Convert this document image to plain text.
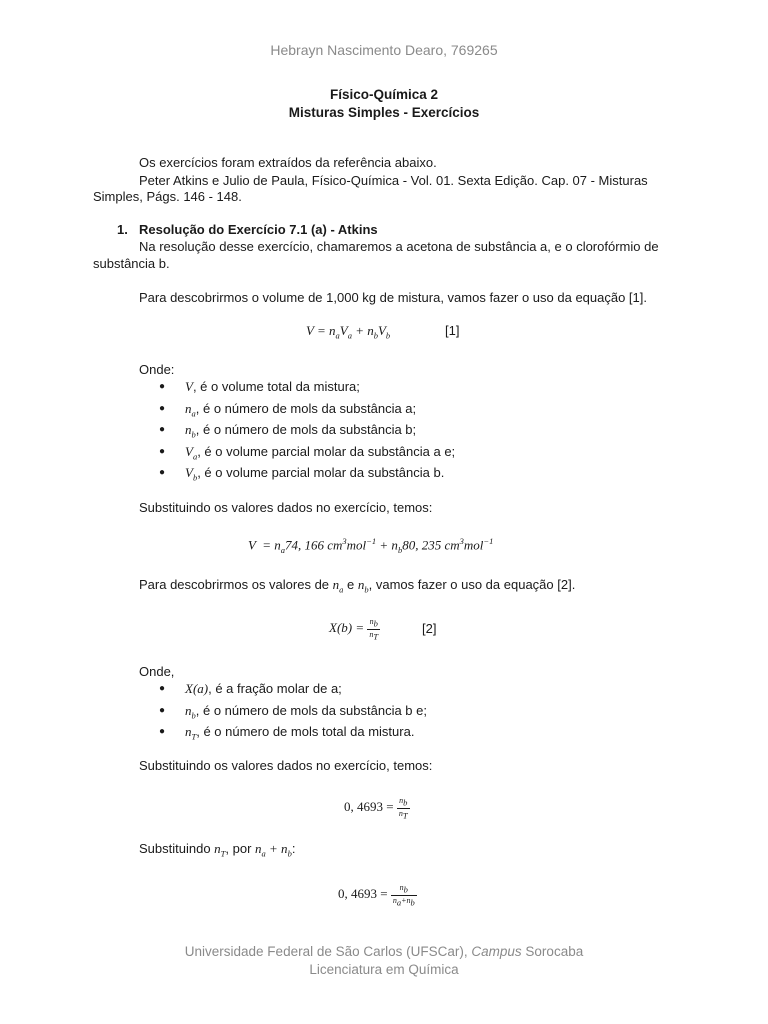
Hebrayn Nascimento Dearo, 769265
Físico-Química 2
Misturas Simples - Exercícios
Os exercícios foram extraídos da referência abaixo.
Peter Atkins e Julio de Paula, Físico-Química - Vol. 01. Sexta Edição. Cap. 07 - Misturas
Simples, Págs. 146 - 148.
1. Resolução do Exercício 7.1 (a) - Atkins
Na resolução desse exercício, chamaremos a acetona de substância a, e o clorofórmio de
substância b.
Para descobrirmos o volume de 1,000 kg de mistura, vamos fazer o uso da equação [1].
$V = n_aV_a + n_bV_b$	[1]
Onde:
● V, é o volume total da mistura;
● $n_a$, é o número de mols da substância a;
● $n_b$, é o número de mols da substância b;
● $V_a$, é o volume parcial molar da substância a e;
● $V_b$, é o volume parcial molar da substância b.
Substituindo os valores dados no exercício, temos:
$V = n_a74$, 166 $cm^3mol^{-1} + n_b80$, 235 $cm^3mol^{-1}$
Para descobrirmos os valores de $n_a$ e $n_b$, vamos fazer o uso da equação [2].
$X(b) = \frac{n_b}{n_T}$	[2]
Onde,
● X(a), é a fração molar de a;
● $n_b$, é o número de mols da substância b e;
● $n_T$, é o número de mols total da mistura.
Substituindo os valores dados no exercício, temos:
0, $4693 = \frac{n_b}{n_T}$
Substituindo $n_T$, por $n_a + n_b$:
0, $4693 = \frac{n_b}{n_a+n_b}$
Universidade Federal de São Carlos (UFSCar), Campus Sorocaba
Licenciatura em Química
